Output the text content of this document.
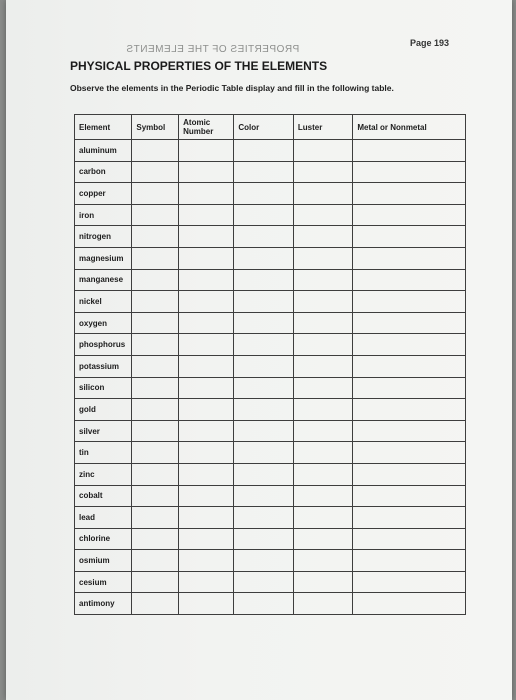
Page 193
PROPERTIES OF THE ELEMENTS
PHYSICAL PROPERTIES OF THE ELEMENTS
Observe the elements in the Periodic Table display and fill in the following table.
Element	Symbol	Atomic Number	Color	Luster	Metal or Nonmetal
aluminum					
carbon					
copper					
iron					
nitrogen					
magnesium					
manganese					
nickel					
oxygen					
phosphorus					
potassium					
silicon					
gold					
silver					
tin					
zinc					
cobalt					
lead					
chlorine					
osmium					
cesium					
antimony					
